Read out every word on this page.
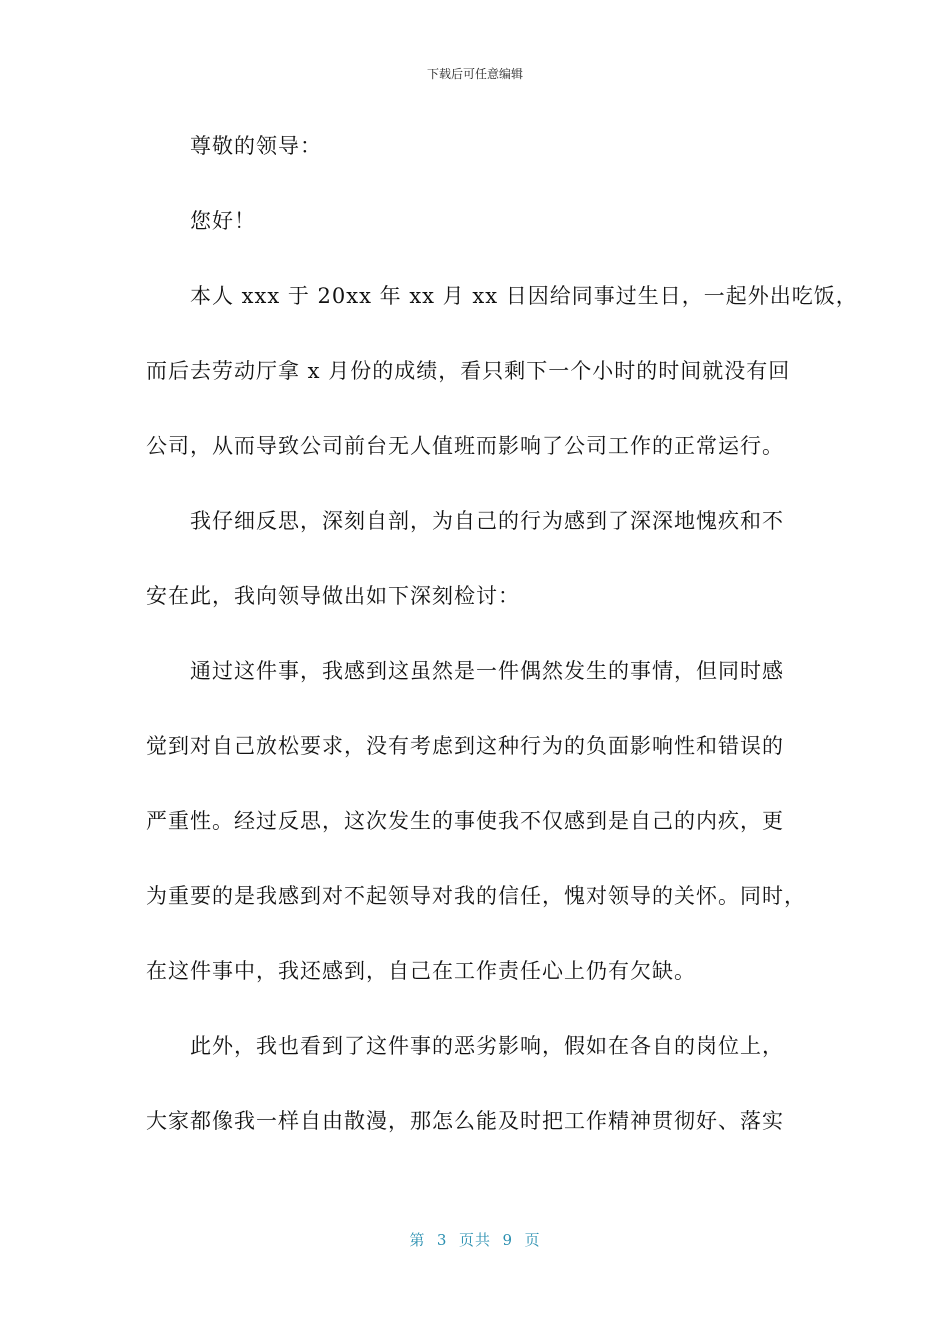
下载后可任意编辑
尊敬的领导：
您好！
本人 xxx 于 20xx 年 xx 月 xx 日因给同事过生日，一起外出吃饭，
而后去劳动厅拿 x 月份的成绩，看只剩下一个小时的时间就没有回
公司，从而导致公司前台无人值班而影响了公司工作的正常运行。
我仔细反思，深刻自剖，为自己的行为感到了深深地愧疚和不
安在此，我向领导做出如下深刻检讨：
通过这件事，我感到这虽然是一件偶然发生的事情，但同时感
觉到对自己放松要求，没有考虑到这种行为的负面影响性和错误的
严重性。经过反思，这次发生的事使我不仅感到是自己的内疚，更
为重要的是我感到对不起领导对我的信任，愧对领导的关怀。同时，
在这件事中，我还感到，自己在工作责任心上仍有欠缺。
此外，我也看到了这件事的恶劣影响，假如在各自的岗位上，
大家都像我一样自由散漫，那怎么能及时把工作精神贯彻好、落实
第  3  页共  9  页
